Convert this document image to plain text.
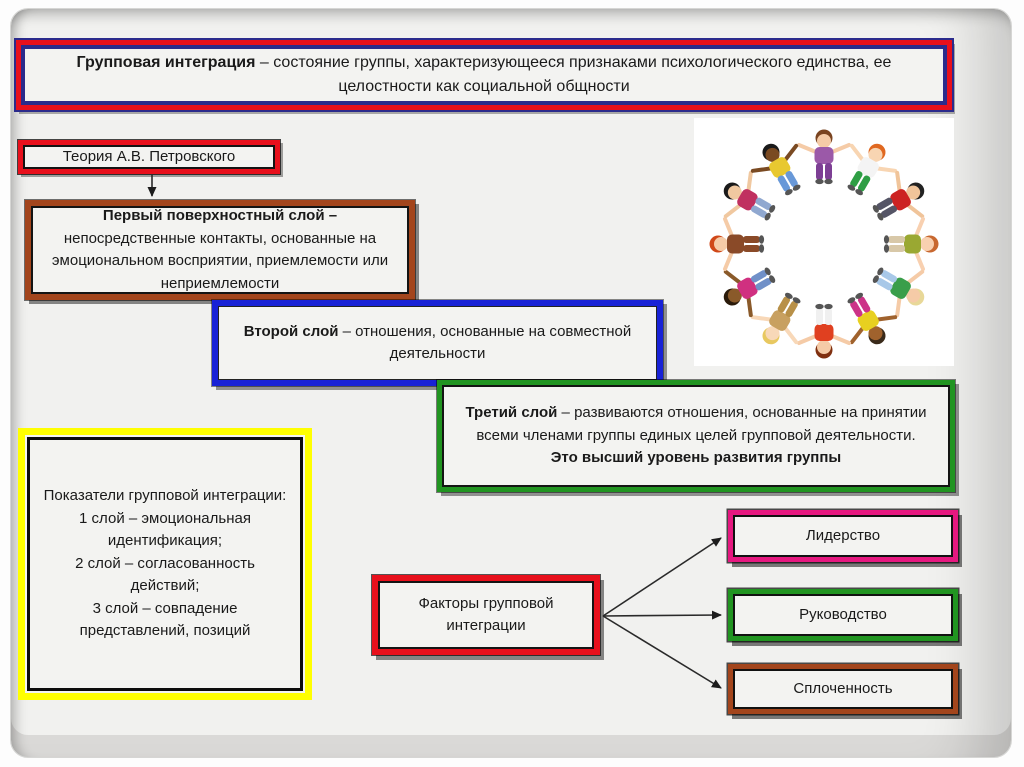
Групповая интеграция – состояние группы, характеризующееся признаками психологического единства, ее целостности как социальной общности
Теория А.В. Петровского
Первый поверхностный слой –
непосредственные контакты, основанные на эмоциональном восприятии, приемлемости или неприемлемости
Второй слой – отношения, основанные на совместной деятельности
Третий слой – развиваются отношения, основанные на принятии всеми членами группы единых целей групповой деятельности.
Это высший уровень развития группы
Показатели групповой интеграции:
1 слой – эмоциональная идентификация;
2 слой – согласованность действий;
3 слой – совпадение представлений, позиций
Факторы групповой интеграции
Лидерство
Руководство
Сплоченность
